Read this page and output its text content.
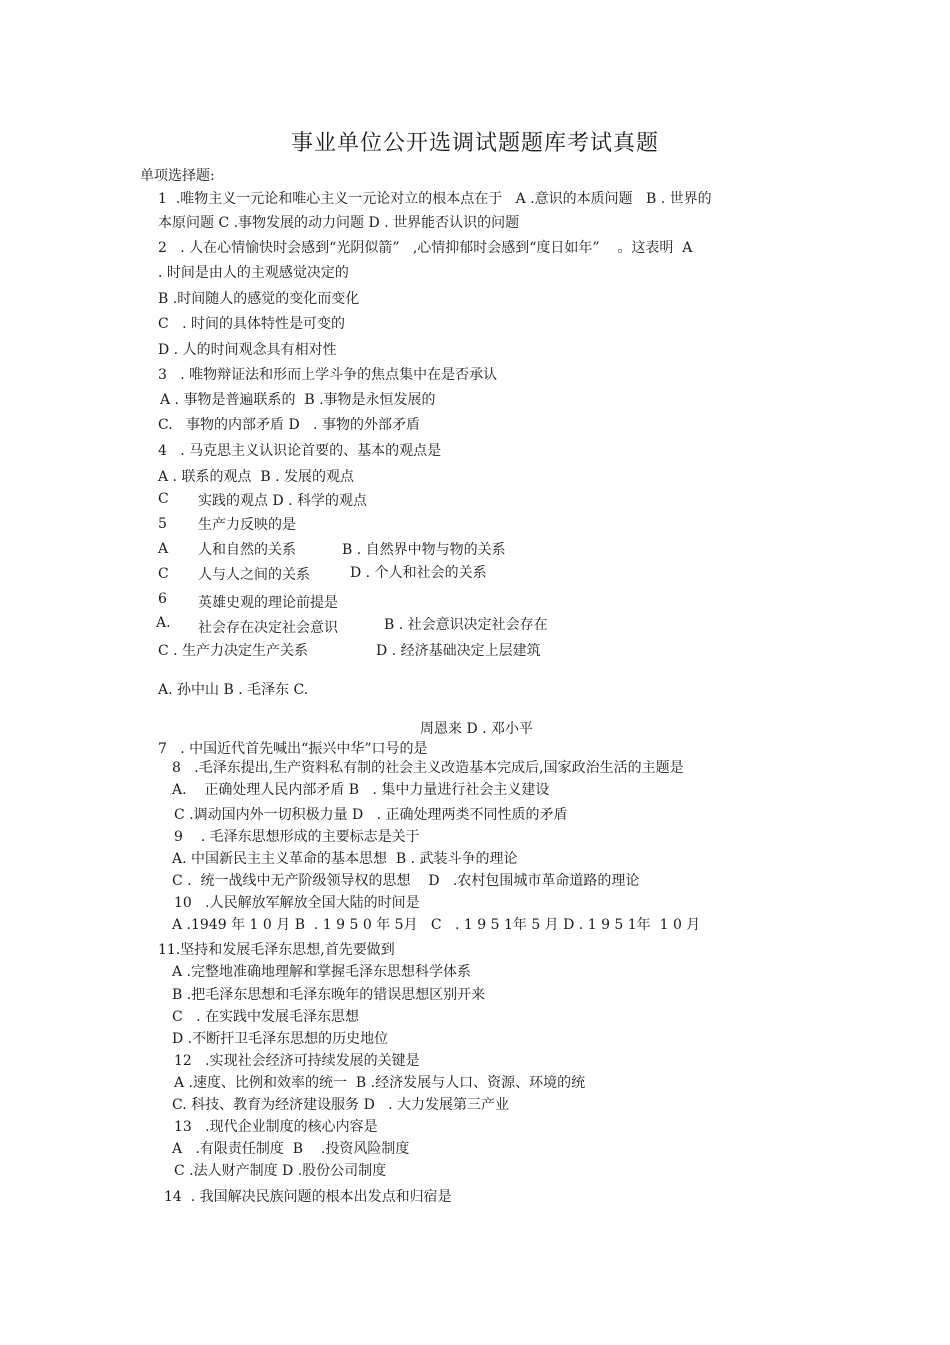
事业单位公开选调试题题库考试真题
单项选择题:
1  .唯物主义一元论和唯心主义一元论对立的根本点在于   A .意识的本质问题   B . 世界的
本原问题 C .事物发展的动力问题 D . 世界能否认识的问题
2   . 人在心情愉快时会感到“光阴似箭”   ,心情抑郁时会感到“度日如年”    。这表明  A
. 时间是由人的主观感觉决定的
B .时间随人的感觉的变化而变化
C   . 时间的具体特性是可变的
D . 人的时间观念具有相对性
3   . 唯物辩证法和形而上学斗争的焦点集中在是否承认
A . 事物是普遍联系的  B .事物是永恒发展的
C.   事物的内部矛盾 D   . 事物的外部矛盾
4   . 马克思主义认识论首要的、基本的观点是
A . 联系的观点  B . 发展的观点
C 实践的观点 D . 科学的观点
5 生产力反映的是
A 人和自然的关系	B . 自然界中物与物的关系
C 人与人之间的关系	D . 个人和社会的关系
6 英雄史观的理论前提是
A. 社会存在决定社会意识	B . 社会意识决定社会存在
C . 生产力决定生产关系	D . 经济基础决定上层建筑
A. 孙中山 B . 毛泽东 C.
周恩来 D . 邓小平
7   . 中国近代首先喊出“振兴中华”口号的是
8   .毛泽东提出,生产资料私有制的社会主义改造基本完成后,国家政治生活的主题是
A.    正确处理人民内部矛盾 B   . 集中力量进行社会主义建设
C .调动国内外一切积极力量 D   . 正确处理两类不同性质的矛盾
9    . 毛泽东思想形成的主要标志是关于
A. 中国新民主主义革命的基本思想  B . 武装斗争的理论
C .  统一战线中无产阶级领导权的思想    D   .农村包围城市革命道路的理论
10   .人民解放军解放全国大陆的时间是
A .1949 年 1 0 月 B  . 1 9 5 0 年 5月   C   . 1 9 5 1年 5 月 D . 1 9 5 1年  1 0 月
11.坚持和发展毛泽东思想,首先要做到
A .完整地准确地理解和掌握毛泽东思想科学体系
B .把毛泽东思想和毛泽东晚年的错误思想区别开来
C   . 在实践中发展毛泽东思想
D .不断扞卫毛泽东思想的历史地位
12   .实现社会经济可持续发展的关键是
A .速度、比例和效率的统一  B .经济发展与人口、资源、环境的统
C. 科技、教育为经济建设服务 D   . 大力发展第三产业
13   .现代企业制度的核心内容是
A   .有限责任制度  B    .投资风险制度
C .法人财产制度 D .股份公司制度
14  . 我国解决民族问题的根本出发点和归宿是
